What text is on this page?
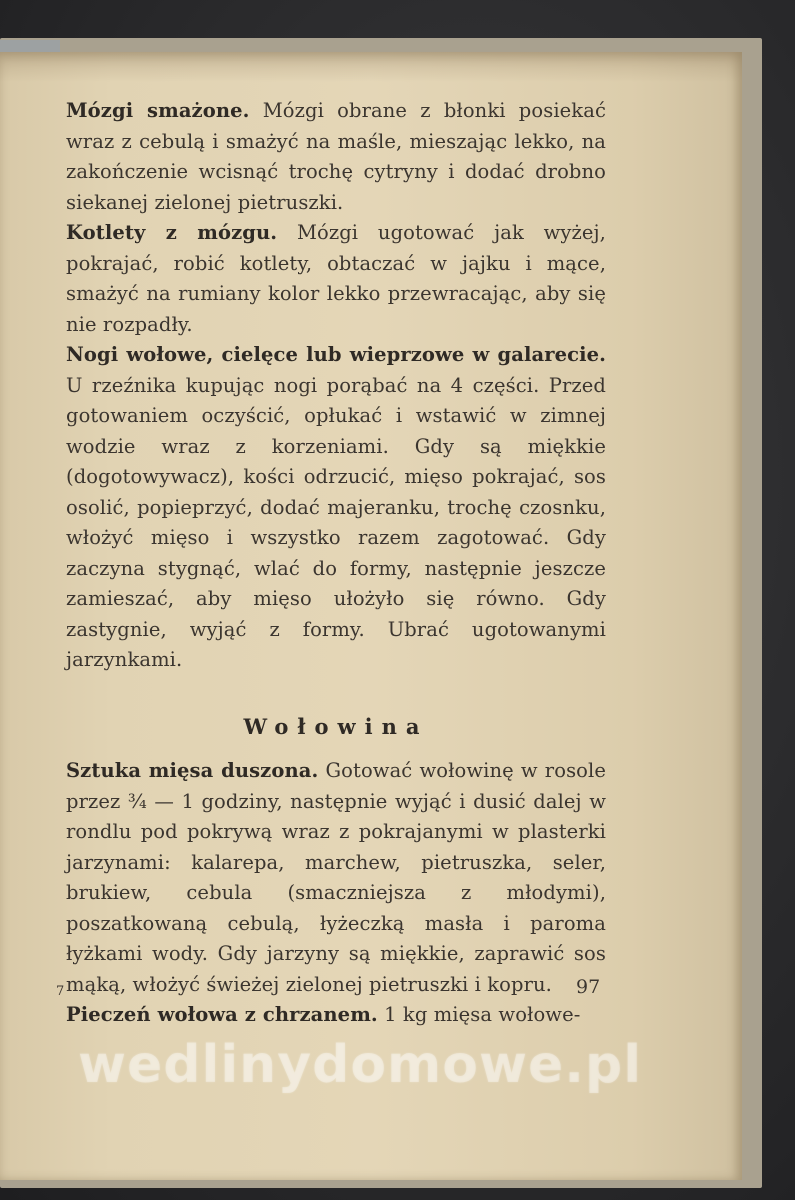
Mózgi smażone. Mózgi obrane z błonki posiekać wraz z cebulą i smażyć na maśle, mieszając lekko, na zakończenie wcisnąć trochę cytryny i dodać drobno siekanej zielonej pietruszki.

Kotlety z mózgu. Mózgi ugotować jak wyżej, pokrajać, robić kotlety, obtaczać w jajku i mące, smażyć na rumiany kolor lekko przewracając, aby się nie rozpadły.

Nogi wołowe, cielęce lub wieprzowe w galarecie. U rzeźnika kupując nogi porąbać na 4 części. Przed gotowaniem oczyścić, opłukać i wstawić w zimnej wodzie wraz z korzeniami. Gdy są miękkie (dogotowywacz), kości odrzucić, mięso pokrajać, sos osolić, popieprzyć, dodać majeranku, trochę czosnku, włożyć mięso i wszystko razem zagotować. Gdy zaczyna stygnąć, wlać do formy, następnie jeszcze zamieszać, aby mięso ułożyło się równo. Gdy zastygnie, wyjąć z formy. Ubrać ugotowanymi jarzynkami.

Wołowina

Sztuka mięsa duszona. Gotować wołowinę w rosole przez ¾ — 1 godziny, następnie wyjąć i dusić dalej w rondlu pod pokrywą wraz z pokrajanymi w plasterki jarzynami: kalarepa, marchew, pietruszka, seler, brukiew, cebula (smaczniejsza z młodymi), poszatkowaną cebulą, łyżeczką masła i paroma łyżkami wody. Gdy jarzyny są miękkie, zaprawić sos mąką, włożyć świeżej zielonej pietruszki i kopru.

Pieczeń wołowa z chrzanem. 1 kg mięsa wołowe-

7	97
wedlinydomowe.pl
